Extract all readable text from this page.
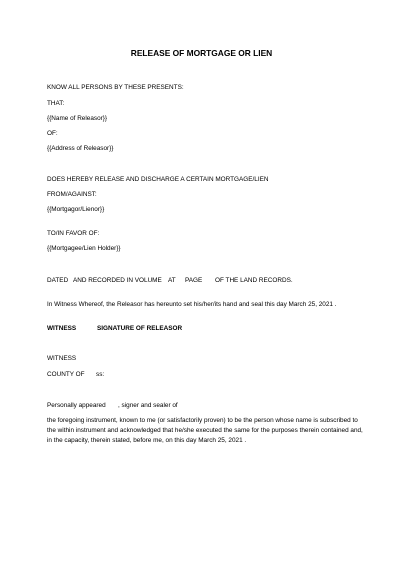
RELEASE OF MORTGAGE OR LIEN
KNOW ALL PERSONS BY THESE PRESENTS:
THAT:
{{Name of Releasor}}
OF:
{{Address of Releasor}}
DOES HEREBY RELEASE AND DISCHARGE A CERTAIN MORTGAGE/LIEN
FROM/AGAINST:
{{Mortgagor/Lienor}}
TO/IN FAVOR OF:
{{Mortgagee/Lien Holder}}
DATED AND RECORDED IN VOLUME AT PAGE OF THE LAND RECORDS.
In Witness Whereof, the Releasor has hereunto set his/her/its hand and seal this day March 25, 2021 .
WITNESS	SIGNATURE OF RELEASOR
WITNESS
COUNTY OF ss:
Personally appeared , signer and sealer of
the foregoing instrument, known to me (or satisfactorily proven) to be the person whose name is subscribed to the within instrument and acknowledged that he/she executed the same for the purposes therein contained and, in the capacity, therein stated, before me, on this day March 25, 2021 .
